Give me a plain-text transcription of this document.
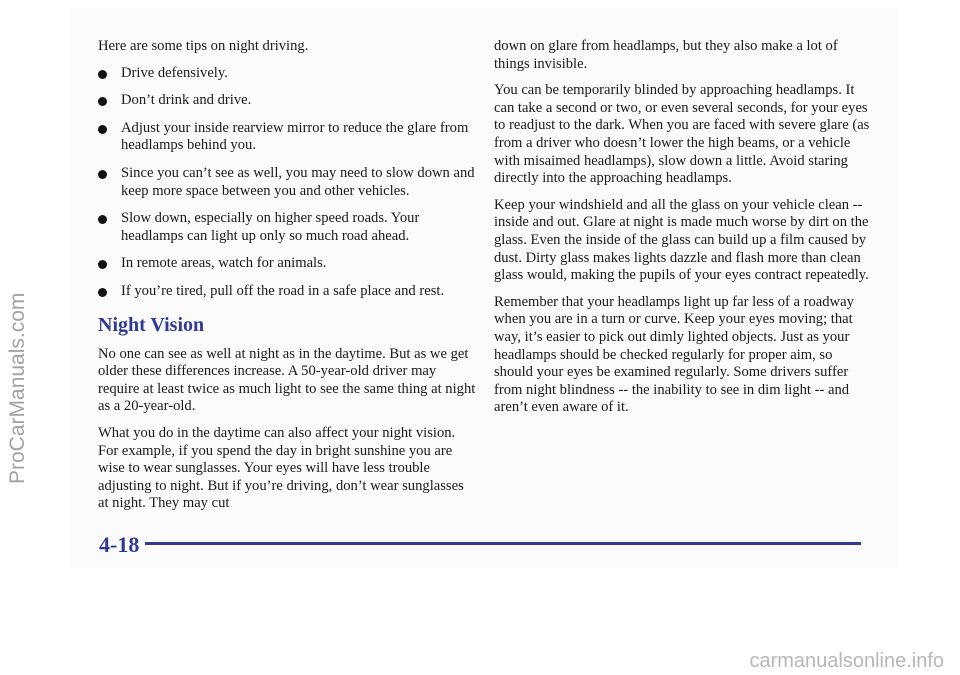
Here are some tips on night driving.

Drive defensively.
Don’t drink and drive.
Adjust your inside rearview mirror to reduce the glare from headlamps behind you.
Since you can’t see as well, you may need to slow down and keep more space between you and other vehicles.
Slow down, especially on higher speed roads. Your headlamps can light up only so much road ahead.
In remote areas, watch for animals.
If you’re tired, pull off the road in a safe place and rest.
Night Vision

No one can see as well at night as in the daytime. But as we get older these differences increase. A 50-year-old driver may require at least twice as much light to see the same thing at night as a 20-year-old.

What you do in the daytime can also affect your night vision. For example, if you spend the day in bright sunshine you are wise to wear sunglasses. Your eyes will have less trouble adjusting to night. But if you’re driving, don’t wear sunglasses at night. They may cut

down on glare from headlamps, but they also make a lot of things invisible.

You can be temporarily blinded by approaching headlamps. It can take a second or two, or even several seconds, for your eyes to readjust to the dark. When you are faced with severe glare (as from a driver who doesn’t lower the high beams, or a vehicle with misaimed headlamps), slow down a little. Avoid staring directly into the approaching headlamps.

Keep your windshield and all the glass on your vehicle clean -- inside and out. Glare at night is made much worse by dirt on the glass. Even the inside of the glass can build up a film caused by dust. Dirty glass makes lights dazzle and flash more than clean glass would, making the pupils of your eyes contract repeatedly.

Remember that your headlamps light up far less of a roadway when you are in a turn or curve. Keep your eyes moving; that way, it’s easier to pick out dimly lighted objects. Just as your headlamps should be checked regularly for proper aim, so should your eyes be examined regularly. Some drivers suffer from night blindness -- the inability to see in dim light -- and aren’t even aware of it.

4-18
ProCarManuals.com
carmanualsonline.info
